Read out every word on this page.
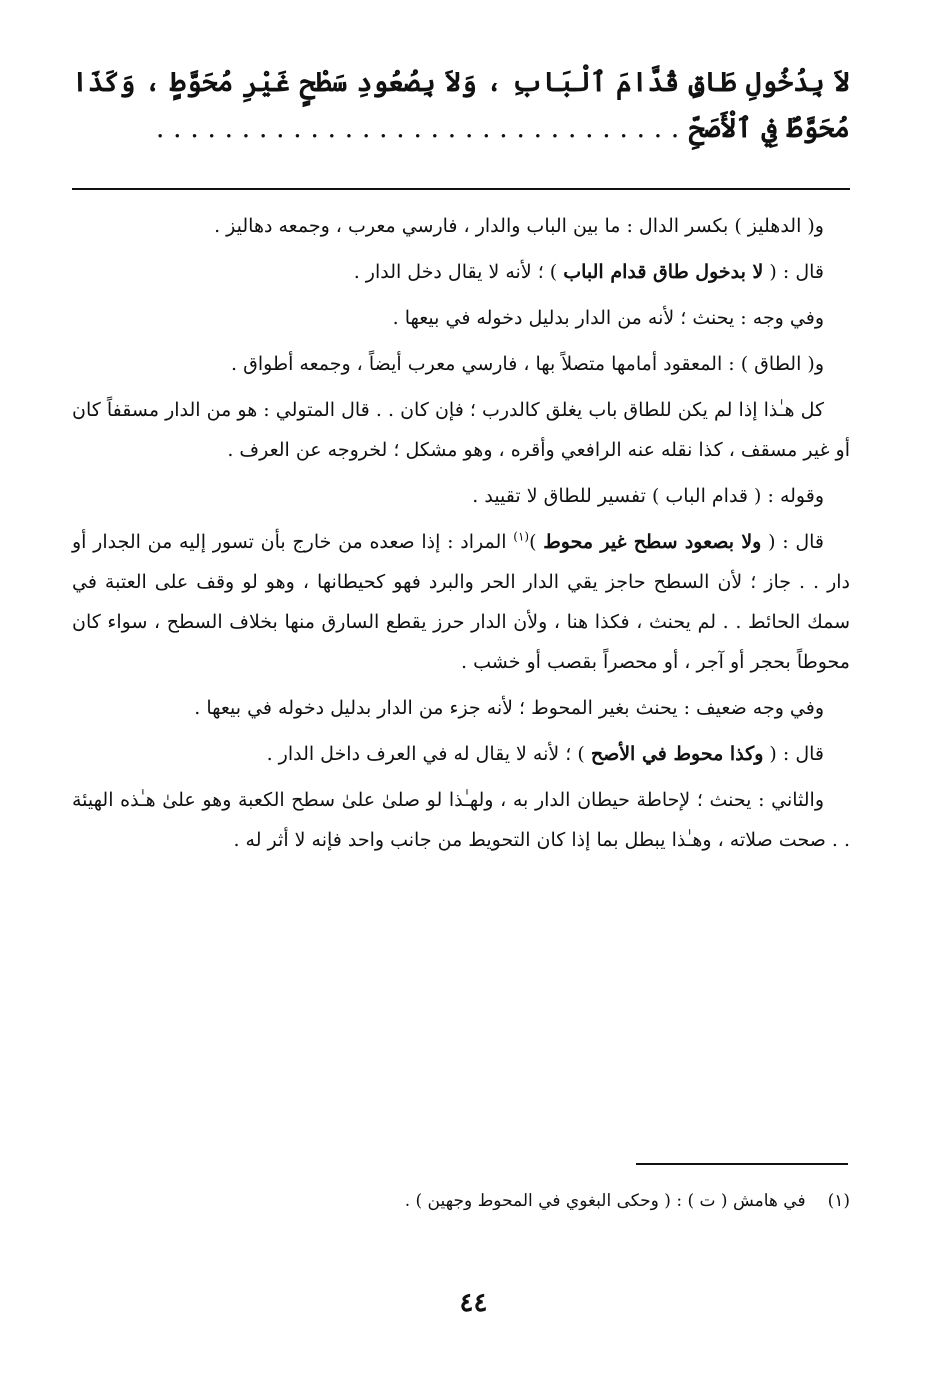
لاَ بِدُخُولِ طَاقٍ قُدَّامَ ٱلْبَابِ ، وَلاَ بِصُعُودِ سَطْحٍ غَيْرِ مُحَوَّطٍ ، وَكَذَا مُحَوَّطٌ فِي ٱلْأَصَحِّ . . . . . . . . . . . . . . . . . . . . . . . . . . . . . . .

و( الدهليز ) بكسر الدال : ما بين الباب والدار ، فارسي معرب ، وجمعه دهاليز .

قال : ( لا بدخول طاق قدام الباب ) ؛ لأنه لا يقال دخل الدار .

وفي وجه : يحنث ؛ لأنه من الدار بدليل دخوله في بيعها .

و( الطاق ) : المعقود أمامها متصلاً بها ، فارسي معرب أيضاً ، وجمعه أطواق .

كل هـٰذا إذا لم يكن للطاق باب يغلق كالدرب ؛ فإن كان . . قال المتولي : هو من الدار مسقفاً كان أو غير مسقف ، كذا نقله عنه الرافعي وأقره ، وهو مشكل ؛ لخروجه عن العرف .

وقوله : ( قدام الباب ) تفسير للطاق لا تقييد .

قال : ( ولا بصعود سطح غير محوط )$^{(١)}$ المراد : إذا صعده من خارج بأن تسور إليه من الجدار أو دار . . جاز ؛ لأن السطح حاجز يقي الدار الحر والبرد فهو كحيطانها ، وهو لو وقف على العتبة في سمك الحائط . . لم يحنث ، فكذا هنا ، ولأن الدار حرز يقطع السارق منها بخلاف السطح ، سواء كان محوطاً بحجر أو آجر ، أو محصراً بقصب أو خشب .

وفي وجه ضعيف : يحنث بغير المحوط ؛ لأنه جزء من الدار بدليل دخوله في بيعها .

قال : ( وكذا محوط في الأصح ) ؛ لأنه لا يقال له في العرف داخل الدار .

والثاني : يحنث ؛ لإحاطة حيطان الدار به ، ولهـٰذا لو صلىٰ علىٰ سطح الكعبة وهو علىٰ هـٰذه الهيئة . . صحت صلاته ، وهـٰذا يبطل بما إذا كان التحويط من جانب واحد فإنه لا أثر له .

(١)في هامش ( ت ) : ( وحكى البغوي في المحوط وجهين ) .
٤٤
